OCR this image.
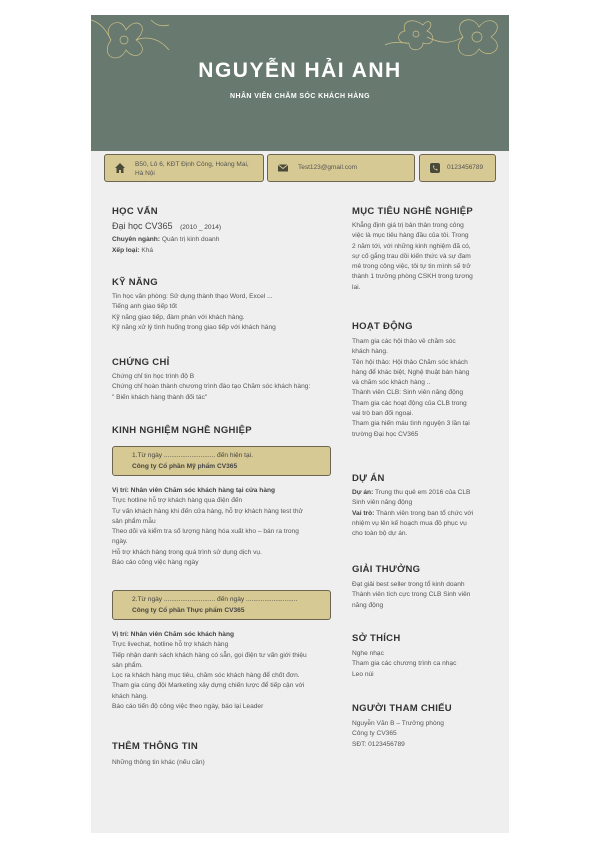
NGUYỄN HẢI ANH
NHÂN VIÊN CHĂM SÓC KHÁCH HÀNG
B50, Lô 6, KĐT Định Công, Hoàng Mai,
Hà Nội
Test123@gmail.com	0123456789
HỌC VẤN
Đại học CV365 (2010 _ 2014)
Chuyên ngành: Quản trị kinh doanh
Xếp loại: Khá
KỸ NĂNG
Tin học văn phòng: Sử dụng thành thạo Word, Excel ...
Tiếng anh giao tiếp tốt
Kỹ năng giao tiếp, đàm phán với khách hàng.
Kỹ năng xử lý tình huống trong giao tiếp với khách hàng
CHỨNG CHỈ
Chứng chỉ tin học trình độ B
Chứng chỉ hoàn thành chương trình đào tạo Chăm sóc khách hàng:
" Biến khách hàng thành đối tác"
KINH NGHIỆM NGHỀ NGHIỆP
1.Từ ngày ............................ đến hiện tại.
Công ty Cổ phần Mỹ phẩm CV365
Vị trí: Nhân viên Chăm sóc khách hàng tại cửa hàng
Trực hotline hỗ trợ khách hàng qua điện đến
Tư vấn khách hàng khi đến cửa hàng, hỗ trợ khách hàng test thử
sản phẩm mẫu
Theo dõi và kiểm tra số lượng hàng hóa xuất kho – bán ra trong
ngày.
Hỗ trợ khách hàng trong quá trình sử dụng dịch vụ.
Báo cáo công việc hàng ngày
2.Từ ngày ............................ đến ngày ............................
Công ty Cổ phần Thực phẩm CV365
Vị trí: Nhân viên Chăm sóc khách hàng
Trực livechat, hotline hỗ trợ khách hàng
Tiếp nhận danh sách khách hàng có sẵn, gọi điện tư vấn giới thiệu
sản phẩm.
Lọc ra khách hàng mục tiêu, chăm sóc khách hàng để chốt đơn.
Tham gia cùng đội Marketing xây dựng chiến lược để tiếp cận với
khách hàng.
Báo cáo tiến độ công việc theo ngày, báo lại Leader
THÊM THÔNG TIN
Những thông tin khác (nếu cần)
MỤC TIÊU NGHỀ NGHIỆP
Khẳng định giá trị bản thân trong công
việc là mục tiêu hàng đầu của tôi. Trong
2 năm tới, với những kinh nghiệm đã có,
sự cố gắng trau dồi kiến thức và sự đam
mê trong công việc, tôi tự tin mình sẽ trở
thành 1 trưởng phòng CSKH trong tương
lai.
HOẠT ĐỘNG
Tham gia các hội thảo về chăm sóc
khách hàng.
Tên hội thảo: Hội thảo Chăm sóc khách
hàng để khác biệt, Nghệ thuật bán hàng
và chăm sóc khách hàng ..
Thành viên CLB: Sinh viên năng động
Tham gia các hoạt động của CLB trong
vai trò ban đối ngoại.
Tham gia hiến máu tình nguyện 3 lần tại
trường Đại học CV365
DỰ ÁN
Dự án: Trung thu quê em 2016 của CLB
Sinh viên năng động
Vai trò: Thành viên trong ban tổ chức với
nhiệm vụ lên kế hoạch mua đồ phục vụ
cho toàn bộ dự án.
GIẢI THƯỞNG
Đạt giải best seller trong tổ kinh doanh
Thành viên tích cực trong CLB Sinh viên
năng động
SỞ THÍCH
Nghe nhạc
Tham gia các chương trình ca nhạc
Leo núi
NGƯỜI THAM CHIẾU
Nguyễn Văn B – Trưởng phòng
Công ty CV365
SĐT: 0123456789
